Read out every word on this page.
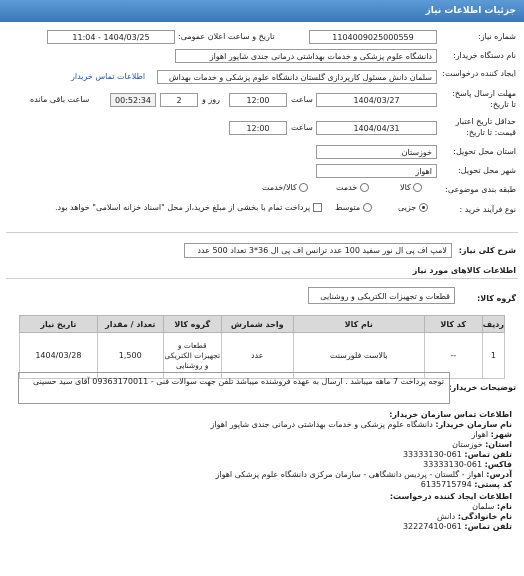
جزئیات اطلاعات نیاز
شماره نیاز:
1104009025000559
تاریخ و ساعت اعلان عمومی:
1404/03/25 - 11:04
نام دستگاه خریدار:
دانشگاه علوم پزشکی و خدمات بهداشتی درمانی جندی شاپور اهواز
ایجاد کننده درخواست:
سلمان دانش مسئول کارپردازی گلستان دانشگاه علوم پزشکی و خدمات بهداش
اطلاعات تماس خریدار
مهلت ارسال پاسخ:
تا تاریخ:
1404/03/27
ساعت
12:00
روز و
2
00:52:34
ساعت باقی مانده
حداقل تاریخ اعتبار
قیمت: تا تاریخ:
1404/04/31
ساعت
12:00
استان محل تحویل:
خوزستان
شهر محل تحویل:
اهواز
طبقه بندی موضوعی:
کالا
خدمت
کالا/خدمت
نوع فرآیند خرید :
جزیی
متوسط
پرداخت تمام یا بخشی از مبلغ خرید،از محل "اسناد خزانه اسلامی" خواهد بود.
شرح کلی نیاز:
لامپ اف پی ال نور سفید 100 عدد ترانس اف پی ال 36*3 تعداد 500 عدد
اطلاعات کالاهای مورد نیاز
گروه کالا:
قطعات و تجهیزات الکتریکی و روشنایی
ردیف	کد کالا	نام کالا	واحد شمارش	گروه کالا	تعداد / مقدار	تاریخ نیاز
1	--	بالاست فلورسنت	عدد	قطعات و تجهیزات الکتریکی و روشنایی	1,500	1404/03/28
توضیحات خریدار:
توجه پرداخت 7 ماهه میباشد . ارسال به عهده فروشنده میباشد تلفن جهت سوالات فنی - 09363170011 آقای سید حسینی
اطلاعات تماس سازمان خریدار:
نام سازمان خریدار: دانشگاه علوم پزشکی و خدمات بهداشتی درمانی جندی شاپور اهواز
شهر: اهواز
استان: خوزستان
تلفن تماس: 061-33333130
فاکس: 061-33333130
آدرس: اهواز - گلستان - پردیس دانشگاهی - سازمان مرکزی دانشگاه علوم پزشکی اهواز
کد پستی: 6135715794
اطلاعات ایجاد کننده درخواست:
نام: سلمان
نام خانوادگی: دانش
تلفن تماس: 061-32227410
